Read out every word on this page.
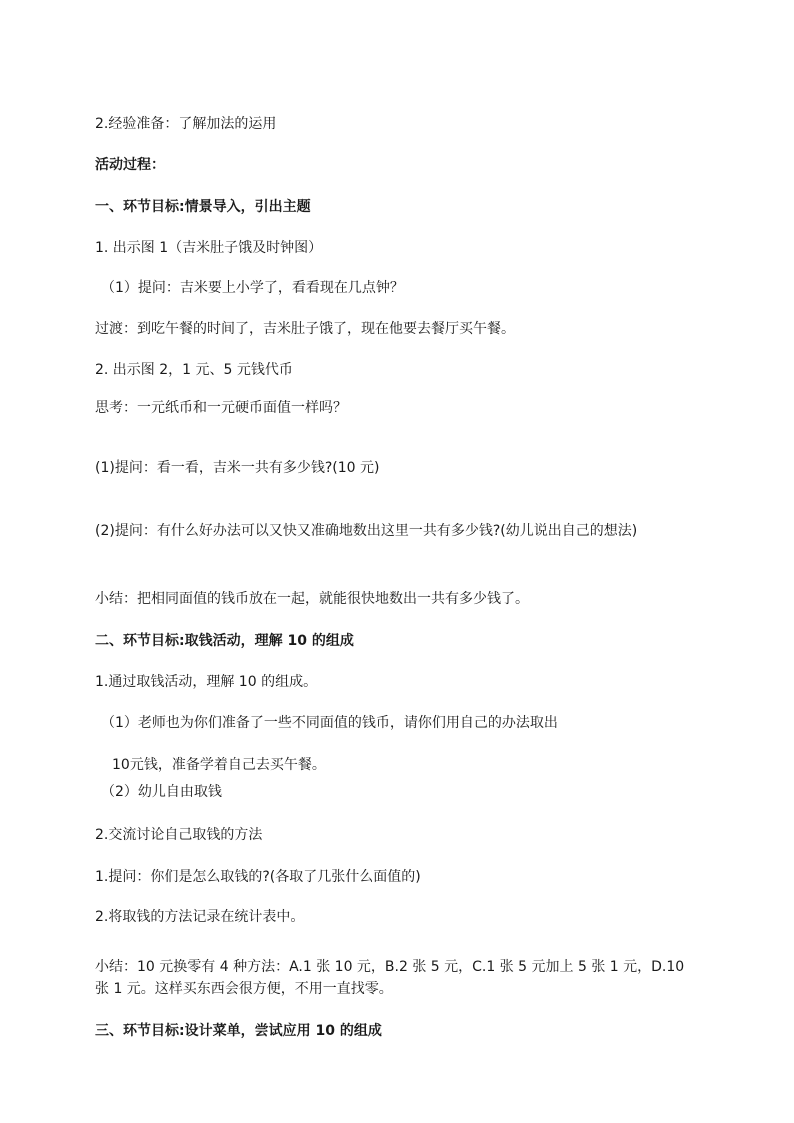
2.经验准备：了解加法的运用
活动过程：
一、环节目标:情景导入，引出主题
1. 出示图 1（吉米肚子饿及时钟图）
（1）提问：吉米要上小学了，看看现在几点钟？
过渡：到吃午餐的时间了，吉米肚子饿了，现在他要去餐厅买午餐。
2. 出示图 2，1 元、5 元钱代币
思考：一元纸币和一元硬币面值一样吗？
(1)提问：看一看，吉米一共有多少钱?(10 元)
(2)提问：有什么好办法可以又快又准确地数出这里一共有多少钱?(幼儿说出自己的想法)
小结：把相同面值的钱币放在一起，就能很快地数出一共有多少钱了。
二、环节目标:取钱活动，理解 10 的组成
1.通过取钱活动，理解 10 的组成。
（1）老师也为你们准备了一些不同面值的钱币，请你们用自己的办法取出
10元钱，准备学着自己去买午餐。
（2）幼儿自由取钱
2.交流讨论自己取钱的方法
1.提问：你们是怎么取钱的?(各取了几张什么面值的)
2.将取钱的方法记录在统计表中。
小结：10 元换零有 4 种方法：A.1 张 10 元，B.2 张 5 元，C.1 张 5 元加上 5 张 1 元，D.10 张 1 元。这样买东西会很方便，不用一直找零。
三、环节目标:设计菜单，尝试应用 10 的组成
